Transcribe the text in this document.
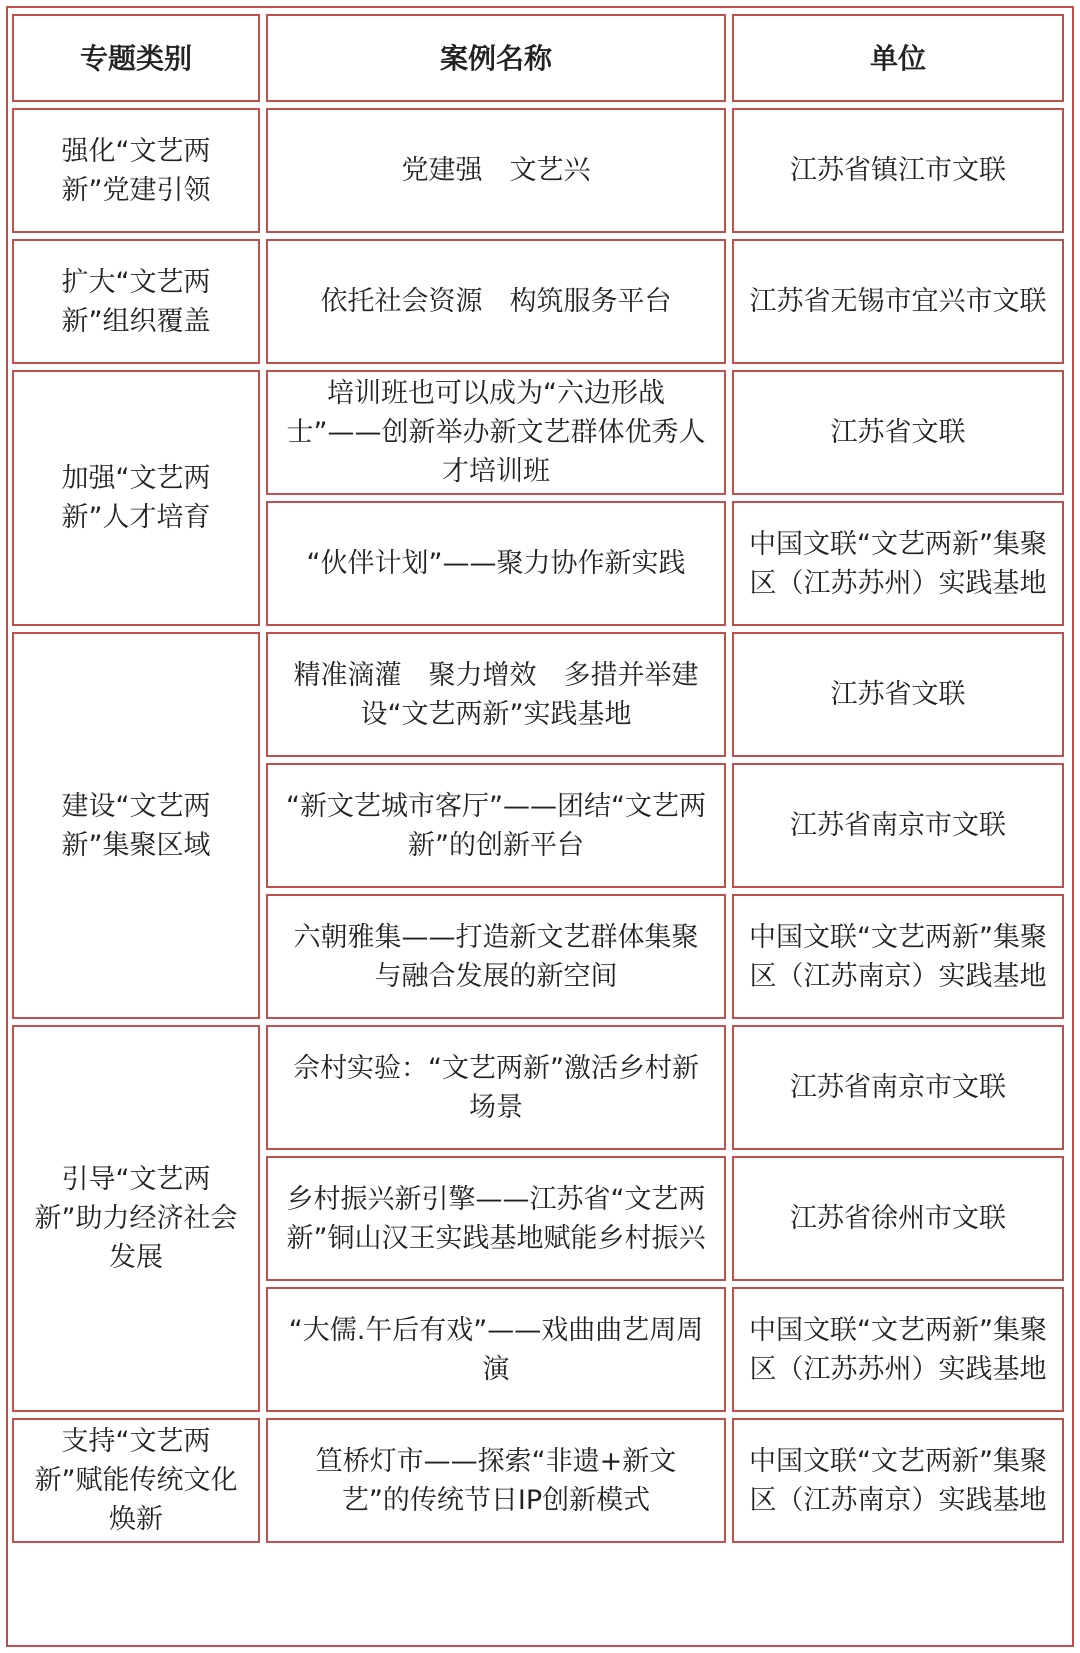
专题类别	案例名称	单位
强化“文艺两新”党建引领	党建强　文艺兴	江苏省镇江市文联
扩大“文艺两新”组织覆盖	依托社会资源　构筑服务平台	江苏省无锡市宜兴市文联
加强“文艺两新”人才培育	培训班也可以成为“六边形战士”——创新举办新文艺群体优秀人才培训班	江苏省文联
	“伙伴计划”——聚力协作新实践	中国文联“文艺两新”集聚区（江苏苏州）实践基地
建设“文艺两新”集聚区域	精准滴灌　聚力增效　多措并举建设“文艺两新”实践基地	江苏省文联
	“新文艺城市客厅”——团结“文艺两新”的创新平台	江苏省南京市文联
	六朝雅集——打造新文艺群体集聚与融合发展的新空间	中国文联“文艺两新”集聚区（江苏南京）实践基地
引导“文艺两新”助力经济社会发展	佘村实验：“文艺两新”激活乡村新场景	江苏省南京市文联
	乡村振兴新引擎——江苏省“文艺两新”铜山汉王实践基地赋能乡村振兴	江苏省徐州市文联
	“大儒.午后有戏”——戏曲曲艺周周演	中国文联“文艺两新”集聚区（江苏苏州）实践基地
支持“文艺两新”赋能传统文化焕新	笪桥灯市——探索“非遗+新文艺”的传统节日IP创新模式	中国文联“文艺两新”集聚区（江苏南京）实践基地
